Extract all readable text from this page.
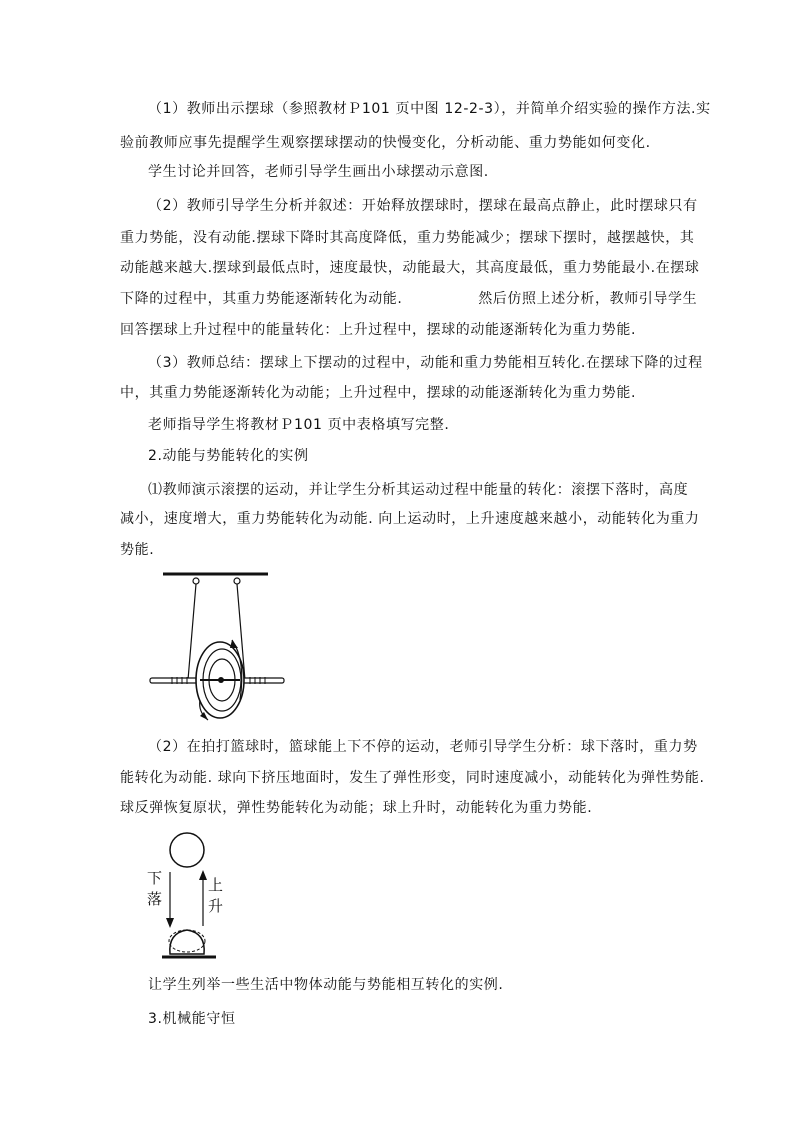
（1）教师出示摆球（参照教材Ｐ101 页中图 12-2-3），并简单介绍实验的操作方法.实
验前教师应事先提醒学生观察摆球摆动的快慢变化，分析动能、重力势能如何变化.
学生讨论并回答，老师引导学生画出小球摆动示意图.
（2）教师引导学生分析并叙述：开始释放摆球时，摆球在最高点静止，此时摆球只有
重力势能，没有动能.摆球下降时其高度降低，重力势能减少；摆球下摆时，越摆越快，其
动能越来越大.摆球到最低点时，速度最快，动能最大，其高度最低，重力势能最小.在摆球
下降的过程中，其重力势能逐渐转化为动能.               然后仿照上述分析，教师引导学生
回答摆球上升过程中的能量转化：上升过程中，摆球的动能逐渐转化为重力势能.
（3）教师总结：摆球上下摆动的过程中，动能和重力势能相互转化.在摆球下降的过程
中，其重力势能逐渐转化为动能；上升过程中，摆球的动能逐渐转化为重力势能.
老师指导学生将教材Ｐ101 页中表格填写完整.
2.动能与势能转化的实例
⑴教师演示滚摆的运动，并让学生分析其运动过程中能量的转化：滚摆下落时，高度
减小，速度增大，重力势能转化为动能. 向上运动时，上升速度越来越小，动能转化为重力
势能.
（2）在拍打篮球时，篮球能上下不停的运动，老师引导学生分析：球下落时，重力势
能转化为动能. 球向下挤压地面时，发生了弹性形变，同时速度减小，动能转化为弹性势能.
球反弹恢复原状，弹性势能转化为动能；球上升时，动能转化为重力势能.
下
落
上
升
让学生列举一些生活中物体动能与势能相互转化的实例.
3.机械能守恒
